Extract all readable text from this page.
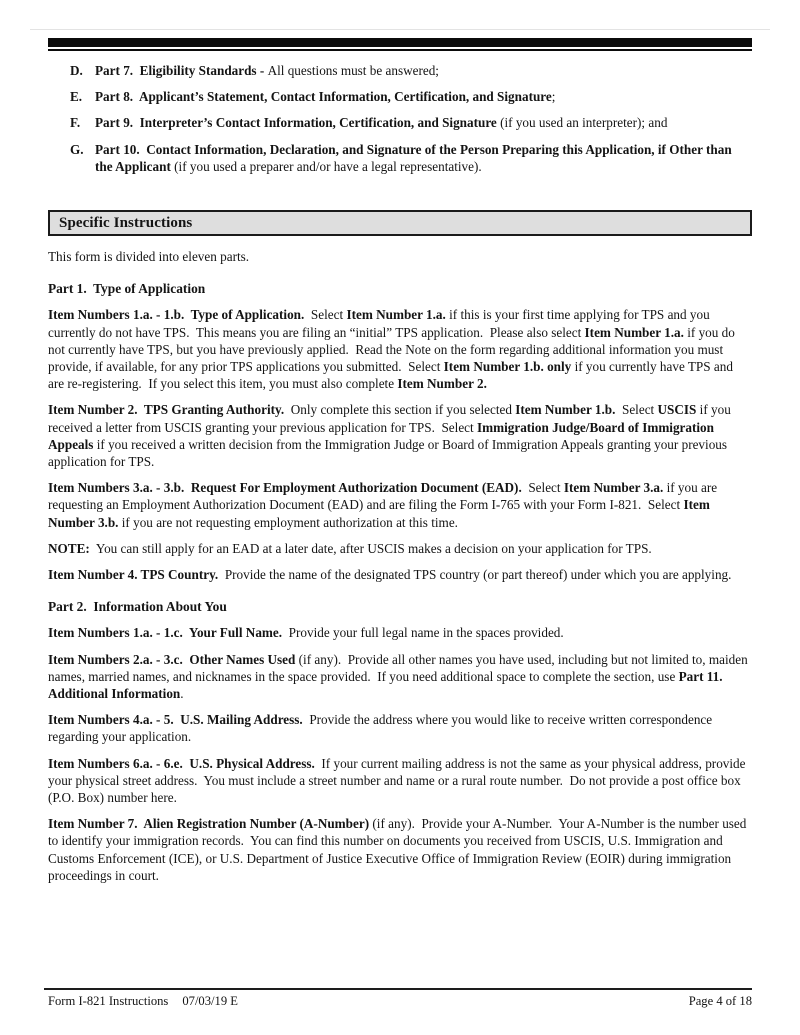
D. Part 7.  Eligibility Standards - All questions must be answered;
E. Part 8.  Applicant’s Statement, Contact Information, Certification, and Signature;
F. Part 9.  Interpreter’s Contact Information, Certification, and Signature (if you used an interpreter); and
G. Part 10.  Contact Information, Declaration, and Signature of the Person Preparing this Application, if Other than the Applicant (if you used a preparer and/or have a legal representative).
Specific Instructions
This form is divided into eleven parts.
Part 1.  Type of Application
Item Numbers 1.a. - 1.b.  Type of Application.  Select Item Number 1.a. if this is your first time applying for TPS and you currently do not have TPS.  This means you are filing an “initial” TPS application.  Please also select Item Number 1.a. if you do not currently have TPS, but you have previously applied.  Read the Note on the form regarding additional information you must provide, if available, for any prior TPS applications you submitted.  Select Item Number 1.b. only if you currently have TPS and are re-registering.  If you select this item, you must also complete Item Number 2.
Item Number 2.  TPS Granting Authority.  Only complete this section if you selected Item Number 1.b.  Select USCIS if you received a letter from USCIS granting your previous application for TPS.  Select Immigration Judge/Board of Immigration Appeals if you received a written decision from the Immigration Judge or Board of Immigration Appeals granting your previous application for TPS.
Item Numbers 3.a. - 3.b.  Request For Employment Authorization Document (EAD).  Select Item Number 3.a. if you are requesting an Employment Authorization Document (EAD) and are filing the Form I-765 with your Form I-821.  Select Item Number 3.b. if you are not requesting employment authorization at this time.
NOTE:  You can still apply for an EAD at a later date, after USCIS makes a decision on your application for TPS.
Item Number 4. TPS Country.  Provide the name of the designated TPS country (or part thereof) under which you are applying.
Part 2.  Information About You
Item Numbers 1.a. - 1.c.  Your Full Name.  Provide your full legal name in the spaces provided.
Item Numbers 2.a. - 3.c.  Other Names Used (if any).  Provide all other names you have used, including but not limited to, maiden names, married names, and nicknames in the space provided.  If you need additional space to complete the section, use Part 11. Additional Information.
Item Numbers 4.a. - 5.  U.S. Mailing Address.  Provide the address where you would like to receive written correspondence regarding your application.
Item Numbers 6.a. - 6.e.  U.S. Physical Address.  If your current mailing address is not the same as your physical address, provide your physical street address.  You must include a street number and name or a rural route number.  Do not provide a post office box (P.O. Box) number here.
Item Number 7.  Alien Registration Number (A-Number) (if any).  Provide your A-Number.  Your A-Number is the number used to identify your immigration records.  You can find this number on documents you received from USCIS, U.S. Immigration and Customs Enforcement (ICE), or U.S. Department of Justice Executive Office of Immigration Review (EOIR) during immigration proceedings in court.
Form I-821 Instructions 07/03/19 E	Page 4 of 18
